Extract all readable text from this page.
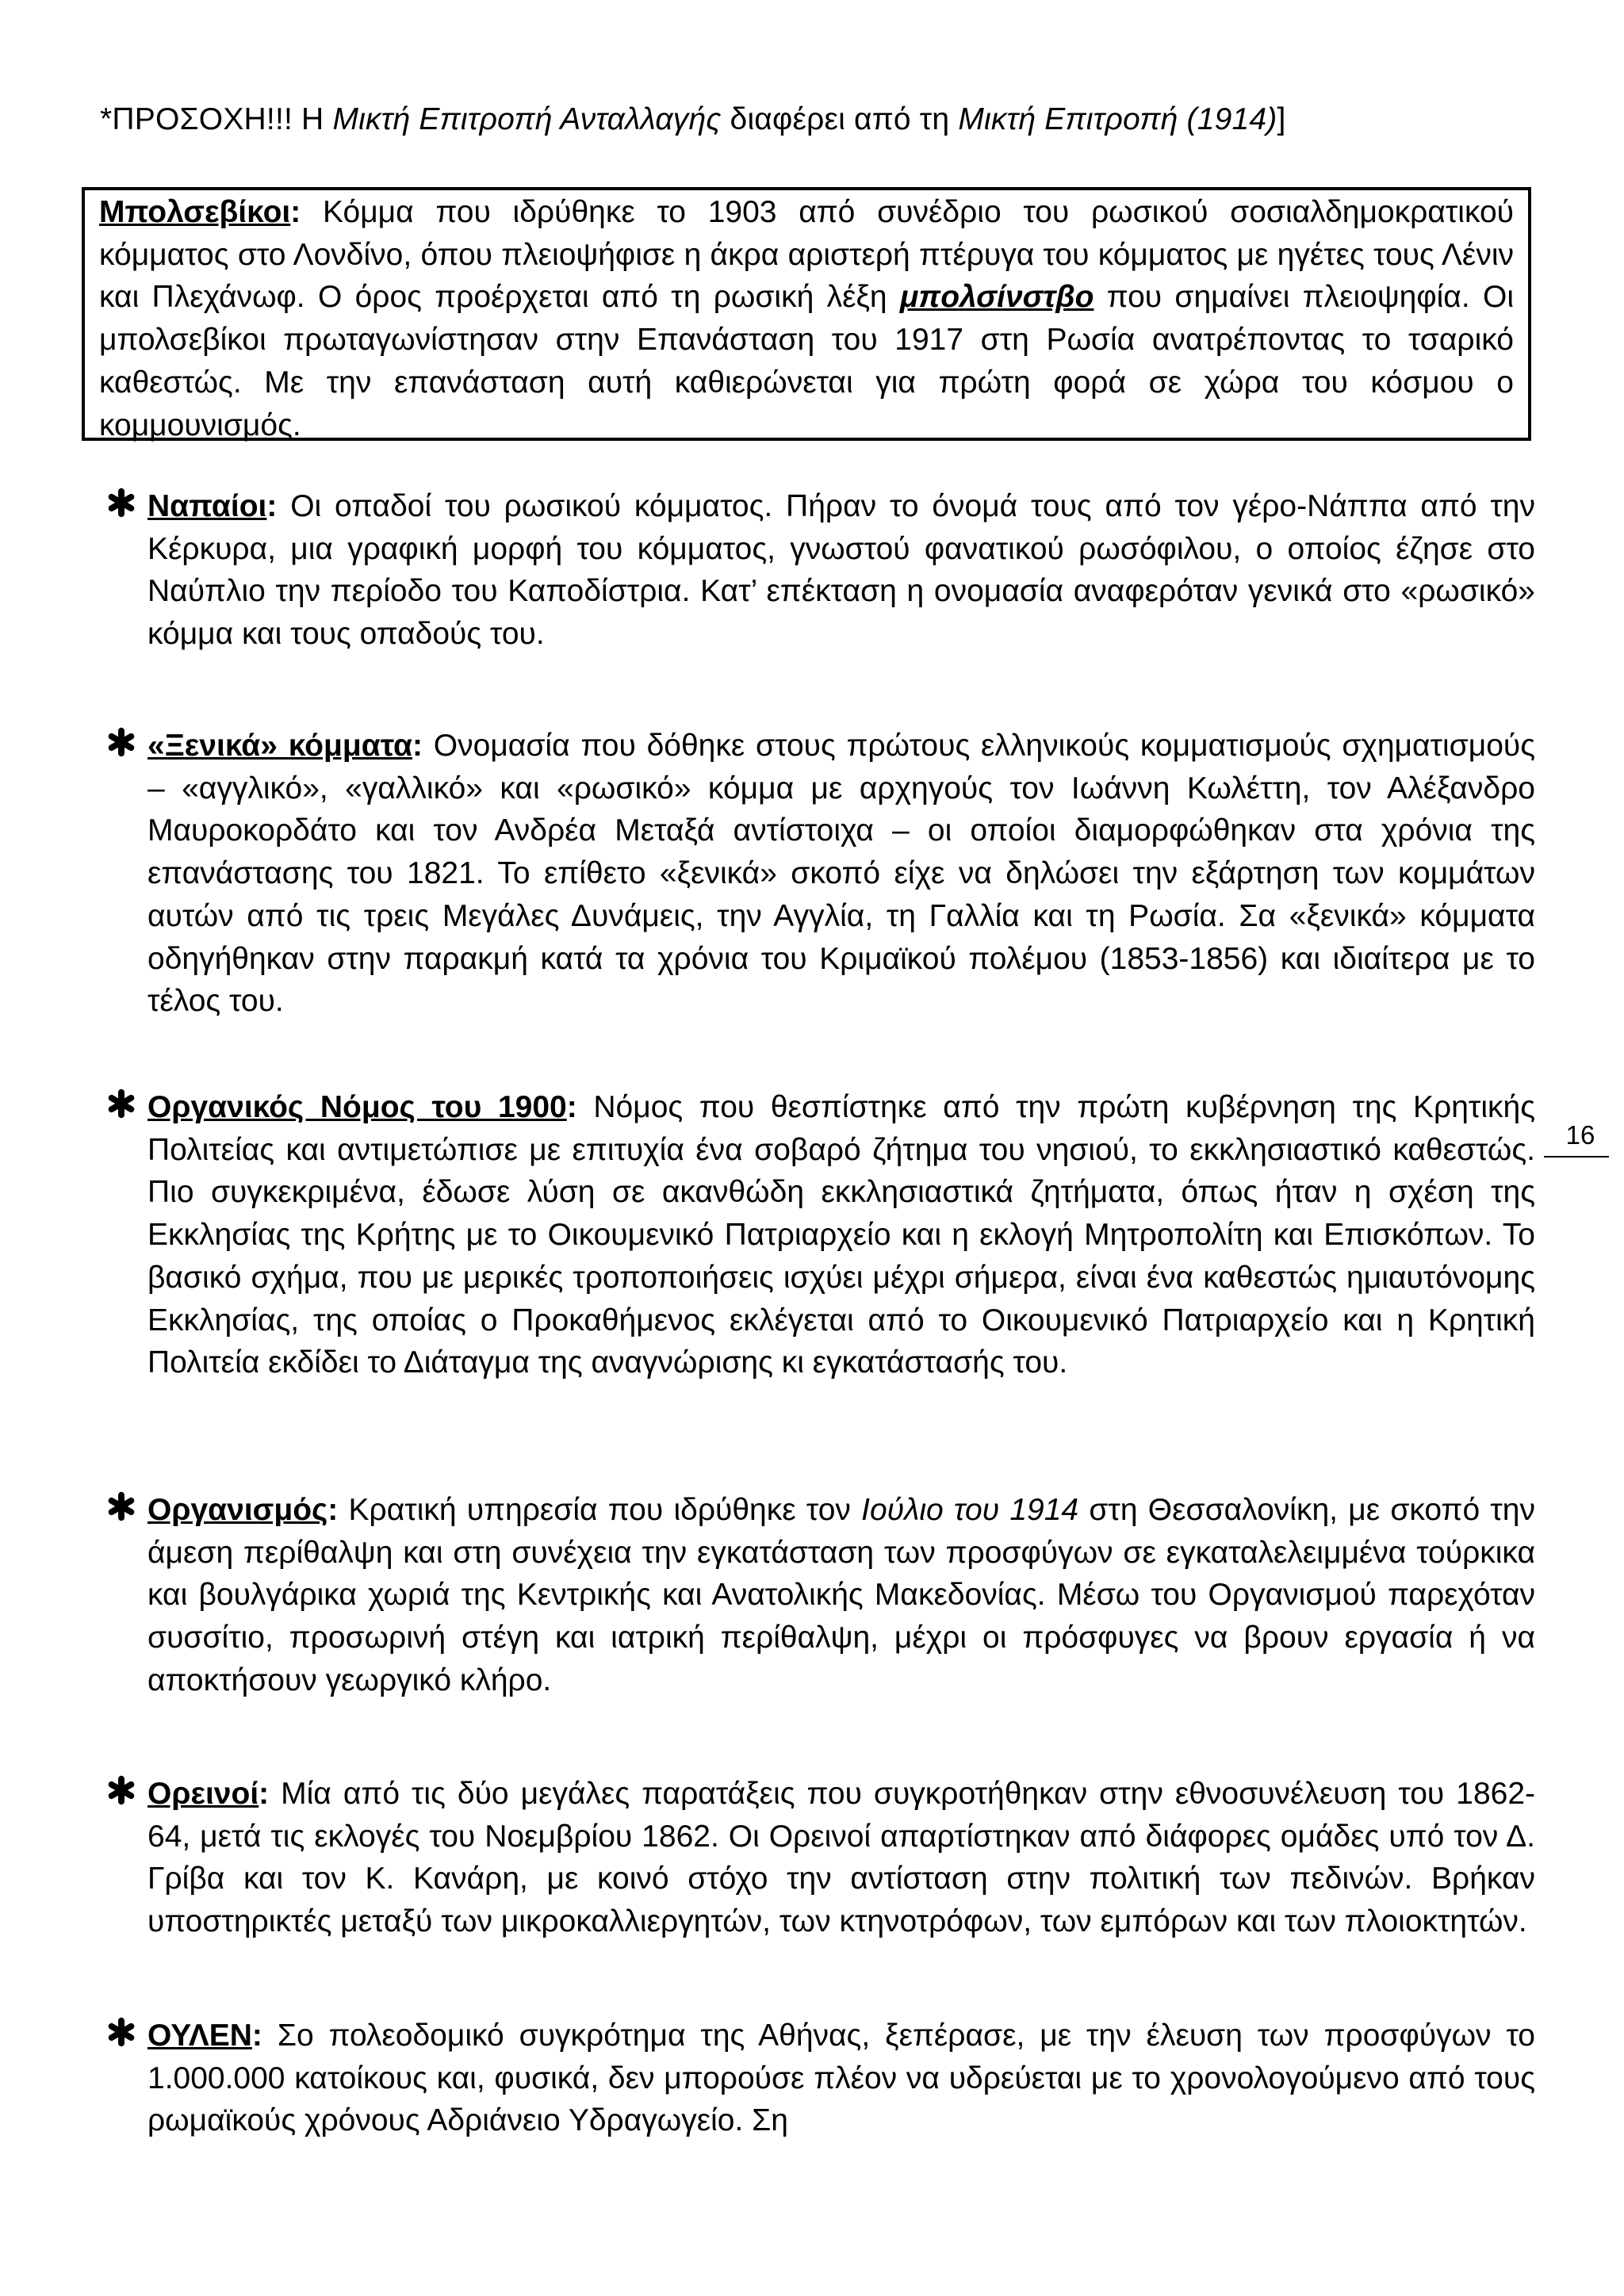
*ΠΡΟΣΟΧΗ!!! Η Μικτή Επιτροπή Ανταλλαγής διαφέρει από τη Μικτή Επιτροπή (1914)]

Μπολσεβίκοι: Κόμμα που ιδρύθηκε το 1903 από συνέδριο του ρωσικού σοσιαλδημοκρατικού κόμματος στο Λονδίνο, όπου πλειοψήφισε η άκρα αριστερή πτέρυγα του κόμματος με ηγέτες τους Λένιν και Πλεχάνωφ. Ο όρος προέρχεται από τη ρωσική λέξη μπολσίνστβο που σημαίνει πλειοψηφία. Οι μπολσεβίκοι πρωταγωνίστησαν στην Επανάσταση του 1917 στη Ρωσία ανατρέποντας το τσαρικό καθεστώς. Με την επανάσταση αυτή καθιερώνεται για πρώτη φορά σε χώρα του κόσμου ο κομμουνισμός.

Ναπαίοι: Οι οπαδοί του ρωσικού κόμματος. Πήραν το όνομά τους από τον γέρο-Νάππα από την Κέρκυρα, μια γραφική μορφή του κόμματος, γνωστού φανατικού ρωσόφιλου, ο οποίος έζησε στο Ναύπλιο την περίοδο του Καποδίστρια. Κατ’ επέκταση η ονομασία αναφερόταν γενικά στο «ρωσικό» κόμμα και τους οπαδούς του.

«Ξενικά» κόμματα: Ονομασία που δόθηκε στους πρώτους ελληνικούς κομματισμούς σχηματισμούς – «αγγλικό», «γαλλικό» και «ρωσικό» κόμμα με αρχηγούς τον Ιωάννη Κωλέττη, τον Αλέξανδρο Μαυροκορδάτο και τον Ανδρέα Μεταξά αντίστοιχα – οι οποίοι διαμορφώθηκαν στα χρόνια της επανάστασης του 1821. Το επίθετο «ξενικά» σκοπό είχε να δηλώσει την εξάρτηση των κομμάτων αυτών από τις τρεις Μεγάλες Δυνάμεις, την Αγγλία, τη Γαλλία και τη Ρωσία. Σα «ξενικά» κόμματα οδηγήθηκαν στην παρακμή κατά τα χρόνια του Κριμαϊκού πολέμου (1853-1856) και ιδιαίτερα με το τέλος του.

Οργανικός Νόμος του 1900: Νόμος που θεσπίστηκε από την πρώτη κυβέρνηση της Κρητικής Πολιτείας και αντιμετώπισε με επιτυχία ένα σοβαρό ζήτημα του νησιού, το εκκλησιαστικό καθεστώς. Πιο συγκεκριμένα, έδωσε λύση σε ακανθώδη εκκλησιαστικά ζητήματα, όπως ήταν η σχέση της Εκκλησίας της Κρήτης με το Οικουμενικό Πατριαρχείο και η εκλογή Μητροπολίτη και Επισκόπων. Το βασικό σχήμα, που με μερικές τροποποιήσεις ισχύει μέχρι σήμερα, είναι ένα καθεστώς ημιαυτόνομης Εκκλησίας, της οποίας ο Προκαθήμενος εκλέγεται από το Οικουμενικό Πατριαρχείο και η Κρητική Πολιτεία εκδίδει το Διάταγμα της αναγνώρισης κι εγκατάστασής του.

Οργανισμός: Κρατική υπηρεσία που ιδρύθηκε τον Ιούλιο του 1914 στη Θεσσαλονίκη, με σκοπό την άμεση περίθαλψη και στη συνέχεια την εγκατάσταση των προσφύγων σε εγκαταλελειμμένα τούρκικα και βουλγάρικα χωριά της Κεντρικής και Ανατολικής Μακεδονίας. Μέσω του Οργανισμού παρεχόταν συσσίτιο, προσωρινή στέγη και ιατρική περίθαλψη, μέχρι οι πρόσφυγες να βρουν εργασία ή να αποκτήσουν γεωργικό κλήρο.

Ορεινοί: Μία από τις δύο μεγάλες παρατάξεις που συγκροτήθηκαν στην εθνοσυνέλευση του 1862-64, μετά τις εκλογές του Νοεμβρίου 1862. Οι Ορεινοί απαρτίστηκαν από διάφορες ομάδες υπό τον Δ. Γρίβα και τον Κ. Κανάρη, με κοινό στόχο την αντίσταση στην πολιτική των πεδινών. Βρήκαν υποστηρικτές μεταξύ των μικροκαλλιεργητών, των κτηνοτρόφων, των εμπόρων και των πλοιοκτητών.

ΟΥΛΕΝ: Σο πολεοδομικό συγκρότημα της Αθήνας, ξεπέρασε, με την έλευση των προσφύγων το 1.000.000 κατοίκους και, φυσικά, δεν μπορούσε πλέον να υδρεύεται με το χρονολογούμενο από τους ρωμαϊκούς χρόνους Αδριάνειο Υδραγωγείο. Ση

16
